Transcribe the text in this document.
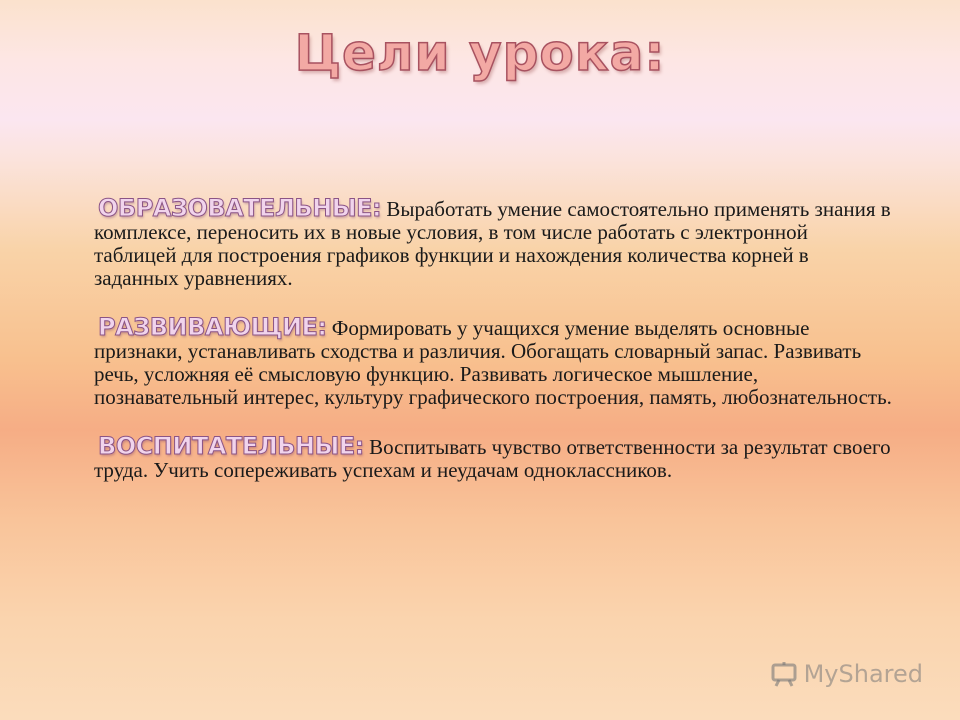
Цели урока:

ОБРАЗОВАТЕЛЬНЫЕ: Выработать умение самостоятельно применять знания в комплексе, переносить их в новые условия, в том числе работать с электронной таблицей для построения графиков функции и нахождения количества корней в заданных уравнениях.

РАЗВИВАЮЩИЕ: Формировать у учащихся умение выделять основные признаки, устанавливать сходства и различия. Обогащать словарный запас. Развивать речь, усложняя её смысловую функцию. Развивать логическое мышление, познавательный интерес, культуру графического построения, память, любознательность.

ВОСПИТАТЕЛЬНЫЕ: Воспитывать чувство ответственности за результат своего труда. Учить сопереживать успехам и неудачам одноклассников.

MyShared
